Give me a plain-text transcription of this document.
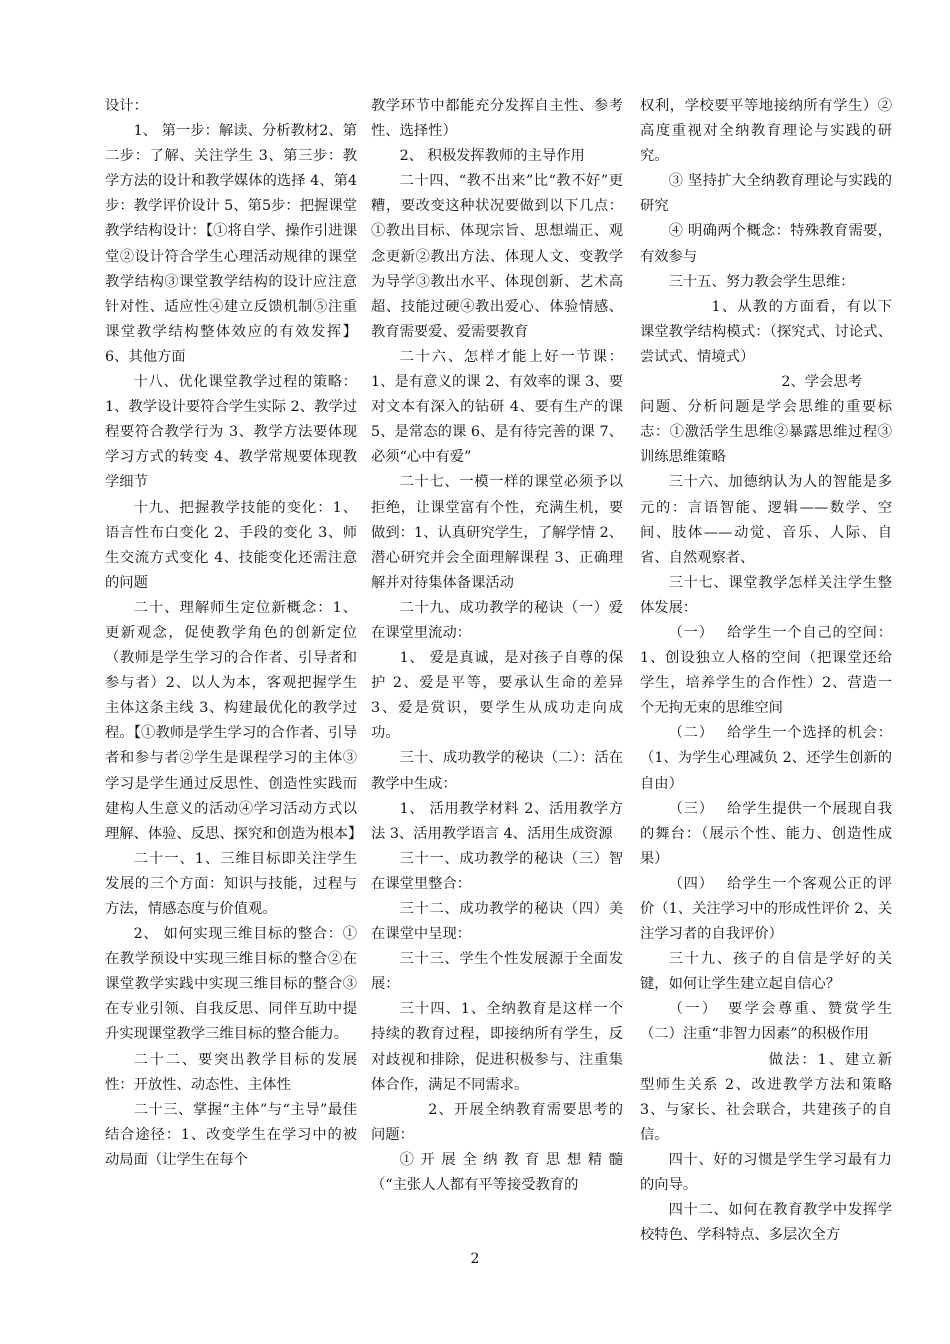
设计：

1、 第一步：解读、分析教材2、第二步：了解、关注学生 3、第三步：教学方法的设计和教学媒体的选择 4、第4步：教学评价设计 5、第5步：把握课堂教学结构设计：【①将自学、操作引进课堂②设计符合学生心理活动规律的课堂教学结构③课堂教学结构的设计应注意针对性、适应性④建立反馈机制⑤注重课堂教学结构整体效应的有效发挥】6、其他方面

十八、优化课堂教学过程的策略：1、教学设计要符合学生实际 2、教学过程要符合教学行为 3、教学方法要体现学习方式的转变 4、教学常规要体现教学细节

十九、把握教学技能的变化：1、语言性布白变化 2、手段的变化 3、师生交流方式变化 4、技能变化还需注意的问题

二十、理解师生定位新概念：1、更新观念，促使教学角色的创新定位（教师是学生学习的合作者、引导者和参与者）2、以人为本，客观把握学生主体这条主线 3、构建最优化的教学过程。【①教师是学生学习的合作者、引导者和参与者②学生是课程学习的主体③学习是学生通过反思性、创造性实践而建构人生意义的活动④学习活动方式以理解、体验、反思、探究和创造为根本】

二十一、1、三维目标即关注学生发展的三个方面：知识与技能，过程与方法，情感态度与价值观。

2、 如何实现三维目标的整合：①在教学预设中实现三维目标的整合②在课堂教学实践中实现三维目标的整合③在专业引领、自我反思、同伴互助中提升实现课堂教学三维目标的整合能力。

二十二、要突出教学目标的发展性：开放性、动态性、主体性

二十三、掌握“主体”与“主导”最佳结合途径：1、改变学生在学习中的被动局面（让学生在每个

教学环节中都能充分发挥自主性、参考性、选择性）

2、 积极发挥教师的主导作用

二十四、“教不出来”比“教不好”更糟，要改变这种状况要做到以下几点：①教出目标、体现宗旨、思想端正、观念更新②教出方法、体现人文、变教学为导学③教出水平、体现创新、艺术高超、技能过硬④教出爱心、体验情感、教育需要爱、爱需要教育

二十六、怎样才能上好一节课：1、是有意义的课 2、有效率的课 3、要对文本有深入的钻研 4、要有生产的课 5、是常态的课 6、是有待完善的课 7、必须“心中有爱”

二十七、一模一样的课堂必须予以拒绝，让课堂富有个性，充满生机，要做到：1、认真研究学生，了解学情 2、潜心研究并会全面理解课程 3、正确理解并对待集体备课活动

二十九、成功教学的秘诀（一）爱在课堂里流动：

1、 爱是真诚，是对孩子自尊的保护 2、爱是平等，要承认生命的差异 3、爱是赏识，要学生从成功走向成功。

三十、成功教学的秘诀（二）：活在教学中生成：

1、 活用教学材料 2、活用教学方法 3、活用教学语言 4、活用生成资源

三十一、成功教学的秘诀（三）智在课堂里整合：

三十二、成功教学的秘诀（四）美在课堂中呈现：

三十三、学生个性发展源于全面发展：

三十四、1、全纳教育是这样一个持续的教育过程，即接纳所有学生，反对歧视和排除，促进积极参与、注重集体合作，满足不同需求。

2、开展全纳教育需要思考的问题：

① 开 展 全 纳 教 育 思 想 精 髓

（“主张人人都有平等接受教育的

权利，学校要平等地接纳所有学生）②高度重视对全纳教育理论与实践的研究。

③ 坚持扩大全纳教育理论与实践的研究

④ 明确两个概念：特殊教育需要，有效参与

三十五、努力教会学生思维：

1、从教的方面看，有以下课堂教学结构模式：（探究式、讨论式、尝试式、情境式）

2、学会思考

问题、分析问题是学会思维的重要标志：①激活学生思维②暴露思维过程③训练思维策略

三十六、加德纳认为人的智能是多元的：言语智能、逻辑——数学、空间、肢体——动觉、音乐、人际、自省、自然观察者、

三十七、课堂教学怎样关注学生整体发展：

（一）　 给学生一个自己的空间：1、创设独立人格的空间（把课堂还给学生，培养学生的合作性）2、营造一个无拘无束的思维空间

（二）　 给学生一个选择的机会：（1、为学生心理减负 2、还学生创新的自由）

（三）　 给学生提供一个展现自我的舞台：（展示个性、能力、创造性成果）

（四）　 给学生一个客观公正的评价（1、关注学习中的形成性评价 2、关注学习者的自我评价）

三十九、孩子的自信是学好的关键，如何让学生建立起自信心？

（一）　要学会尊重、赞赏学生（二）注重“非智力因素”的积极作用

做法：1、建立新型师生关系 2、改进教学方法和策略 3、与家长、社会联合，共建孩子的自信。

四十、好的习惯是学生学习最有力的向导。

四十二、如何在教育教学中发挥学校特色、学科特点、多层次全方

2
